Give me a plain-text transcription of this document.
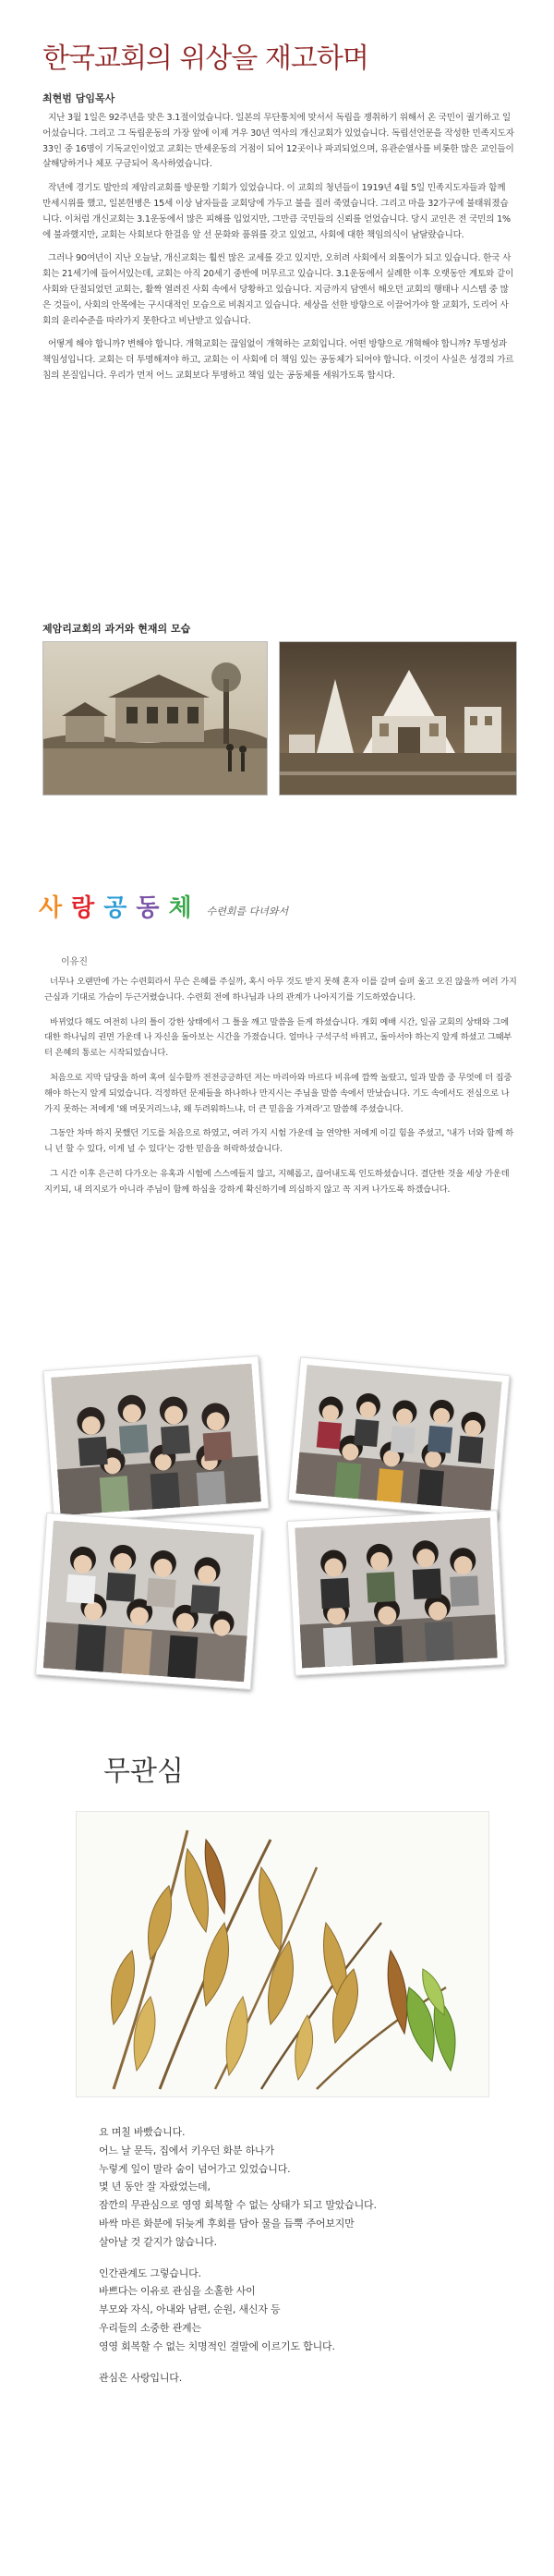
한국교회의 위상을 재고하며
최현범 담임목사

지난 3월 1일은 92주년을 맞은 3.1절이었습니다. 일본의 무단통치에 맞서서 독립을 쟁취하기 위해서 온 국민이 궐기하고 일어섰습니다. 그리고 그 독립운동의 가장 앞에 이제 겨우 30년 역사의 개신교회가 있었습니다. 독립선언문을 작성한 민족지도자 33인 중 16명이 기독교인이었고 교회는 만세운동의 거점이 되어 12곳이나 파괴되었으며, 유관순열사를 비롯한 많은 교인들이 살해당하거나 체포 구금되어 옥사하였습니다.

작년에 경기도 발안의 제암리교회를 방문할 기회가 있었습니다. 이 교회의 청년들이 1919년 4월 5일 민족지도자들과 함께 만세시위를 했고, 일본헌병은 15세 이상 남자들을 교회당에 가두고 불을 질러 죽였습니다. 그리고 마을 32가구에 불태워졌습니다. 이처럼 개신교회는 3.1운동에서 많은 피해를 입었지만, 그만큼 국민들의 신뢰를 얻었습니다. 당시 교인은 전 국민의 1%에 불과했지만, 교회는 사회보다 한걸음 앞 선 문화와 품위를 갖고 있었고, 사회에 대한 책임의식이 남달랐습니다.

그러나 90여년이 지난 오늘날, 개신교회는 훨씬 많은 교세를 갖고 있지만, 오히려 사회에서 외톨이가 되고 있습니다. 한국 사회는 21세기에 들어서있는데, 교회는 아직 20세기 중반에 머무르고 있습니다. 3.1운동에서 실례한 이후 오랫동안 계토와 같이 사회와 단절되었던 교회는, 활짝 열려진 사회 속에서 당황하고 있습니다. 지금까지 담엔서 해오던 교회의 행태나 시스템 중 많은 것들이, 사회의 안목에는 구시대적인 모습으로 비춰지고 있습니다. 세상을 선한 방향으로 이끌어가야 할 교회가, 도리어 사회의 윤리수준을 따라가지 못한다고 비난받고 있습니다.

어떻게 해야 합니까? 변해야 합니다. 개혁교회는 끊임없이 개혁하는 교회입니다. 어떤 방향으로 개혁해야 합니까? 투명성과 책임성입니다. 교회는 더 투명해져야 하고, 교회는 이 사회에 더 책임 있는 공동체가 되어야 합니다. 이것이 사실은 성경의 가르침의 본질입니다. 우리가 먼저 어느 교회보다 투명하고 책임 있는 공동체를 세워가도록 합시다.

제암리교회의 과거와 현재의 모습
사 랑 공 동 체 수련회를 다녀와서
이유진

너무나 오랜만에 가는 수련회라서 무슨 은혜를 주실까, 혹시 아무 것도 받지 못해 혼자 이를 갈며 슬퍼 울고 오진 않을까 여러 가지 근심과 기대로 가슴이 두근거렸습니다. 수련회 전에 하나님과 나의 관계가 나아지기를 기도하였습니다.

바뀌었다 해도 여전히 나의 틀이 강한 상태에서 그 틀을 깨고 말씀을 듣게 하셨습니다. 개회 예배 시간, 일곱 교회의 상태와 그에 대한 하나님의 권면 가운데 나 자신을 돌아보는 시간을 가졌습니다. 얼마나 구석구석 바뀌고, 돌아서야 하는지 알게 하셨고 그때부터 은혜의 통로는 시작되었습니다.

처음으로 지막 담당을 하여 혹여 실수할까 전전긍긍하던 저는 마리아와 마르다 비유에 깜짝 놀랐고, 일과 말씀 중 무엇에 더 집중해야 하는지 알게 되었습니다. 걱정하던 문제들을 하나하나 만지시는 주님을 말씀 속에서 만났습니다. 기도 속에서도 전심으로 나가지 못하는 저에게 '왜 머뭇거리느냐, 왜 두려워하느냐, 더 큰 믿음을 가져라'고 말씀해 주셨습니다.

그동안 차마 하지 못했던 기도를 처음으로 하였고, 여러 가지 시험 가운데 늘 연약한 저에게 이길 힘을 주셨고, '내가 너와 함께 하니 넌 할 수 있다, 이게 널 수 있다'는 강한 믿음을 허락하셨습니다.

그 시간 이후 은근히 다가오는 유혹과 시험에 스스에들지 않고, 지혜롭고, 끊어내도록 인도하셨습니다. 결단한 것을 세상 가운데 지키되, 내 의지로가 아니라 주님이 함께 하심을 강하게 확신하기에 의심하지 않고 꼭 지켜 나가도록 하겠습니다.

무관심
요 며칠 바빴습니다.
어느 날 문득, 집에서 키우던 화분 하나가
누렇게 잎이 말라 숨이 넘어가고 있었습니다.
몇 년 동안 잘 자랐었는데,
잠깐의 무관심으로 영영 회복할 수 없는 상태가 되고 말았습니다.
바싹 마른 화분에 뒤늦게 후회를 담아 물을 듬뿍 주어보지만
살아날 것 같지가 않습니다.
인간관계도 그렇습니다.
바쁘다는 이유로 관심을 소홀한 사이
부모와 자식, 아내와 남편, 순원, 새신자 등
우리들의 소중한 관계는
영영 회복할 수 없는 치명적인 결말에 이르기도 합니다.
관심은 사랑입니다.
